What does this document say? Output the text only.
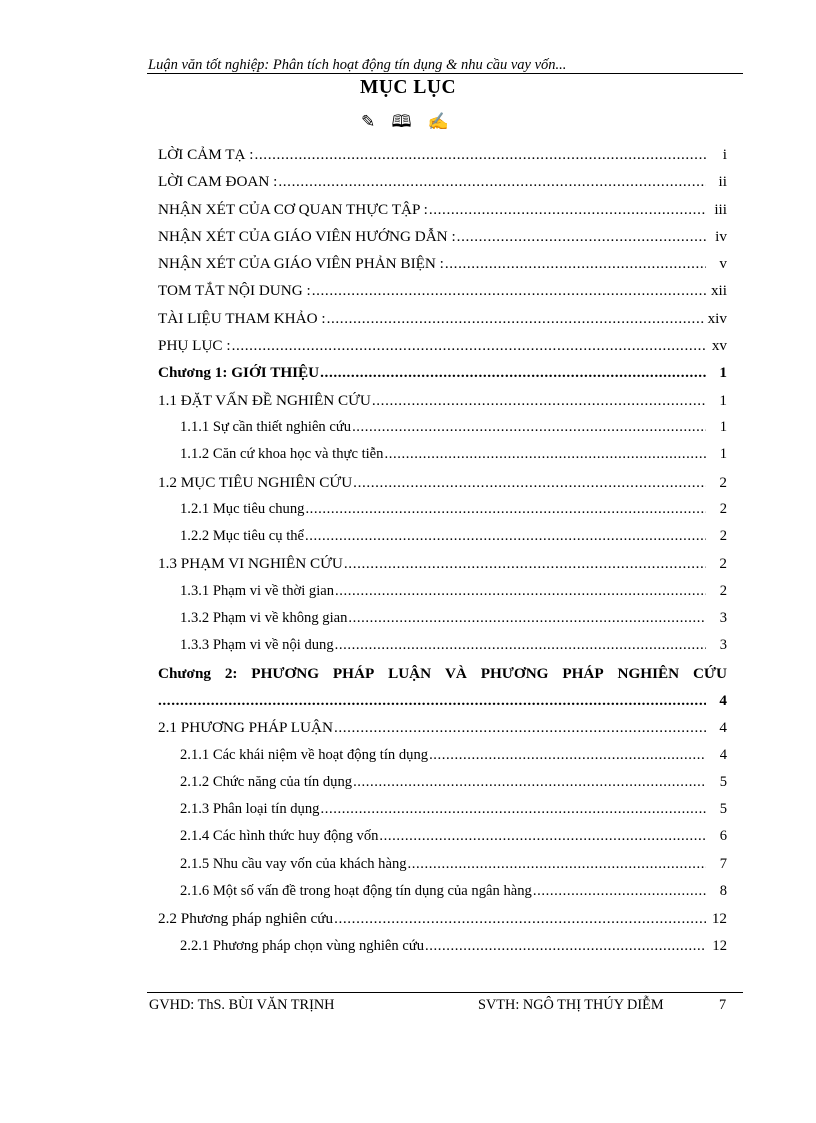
Luận văn tốt nghiệp: Phân tích hoạt động tín dụng & nhu cầu vay vốn...
MỤC LỤC
✎ 🕮 ✍
LỜI CẢM TẠ : .....	i
LỜI CAM ĐOAN : .....	ii
NHẬN XÉT CỦA CƠ QUAN THỰC TẬP : .....	iii
NHẬN XÉT CỦA GIÁO VIÊN HƯỚNG DẪN : .....	iv
NHẬN XÉT CỦA GIÁO VIÊN PHẢN BIỆN : .....	v
TOM TẮT NỘI DUNG : .....	xii
TÀI LIỆU THAM KHẢO : .....	xiv
PHỤ LỤC : .....	xv
Chương 1: GIỚI THIỆU .....	1
1.1 ĐẶT VẤN ĐỀ NGHIÊN CỨU .....	1
1.1.1 Sự cần thiết nghiên cứu .....	1
1.1.2 Căn cứ khoa học và thực tiễn .....	1
1.2 MỤC TIÊU NGHIÊN CỨU .....	2
1.2.1 Mục tiêu chung .....	2
1.2.2 Mục tiêu cụ thể .....	2
1.3 PHẠM VI NGHIÊN CỨU .....	2
1.3.1 Phạm vi về thời gian .....	2
1.3.2 Phạm vi về không gian .....	3
1.3.3 Phạm vi về nội dung .....	3
Chương 2: PHƯƠNG PHÁP LUẬN VÀ PHƯƠNG PHÁP NGHIÊN CỨU
.....
4
2.1 PHƯƠNG PHÁP LUẬN .....	4
2.1.1 Các khái niệm về hoạt động tín dụng .....	4
2.1.2 Chức năng của tín dụng .....	5
2.1.3 Phân loại tín dụng .....	5
2.1.4 Các hình thức huy động vốn .....	6
2.1.5 Nhu cầu vay vốn của khách hàng .....	7
2.1.6 Một số vấn đề trong hoạt động tín dụng của ngân hàng .....	8
2.2 Phương pháp nghiên cứu .....	12
2.2.1 Phương pháp chọn vùng nghiên cứu .....	12
GVHD: ThS. BÙI VĂN TRỊNH	SVTH: NGÔ THỊ THÚY DIỄM	7
